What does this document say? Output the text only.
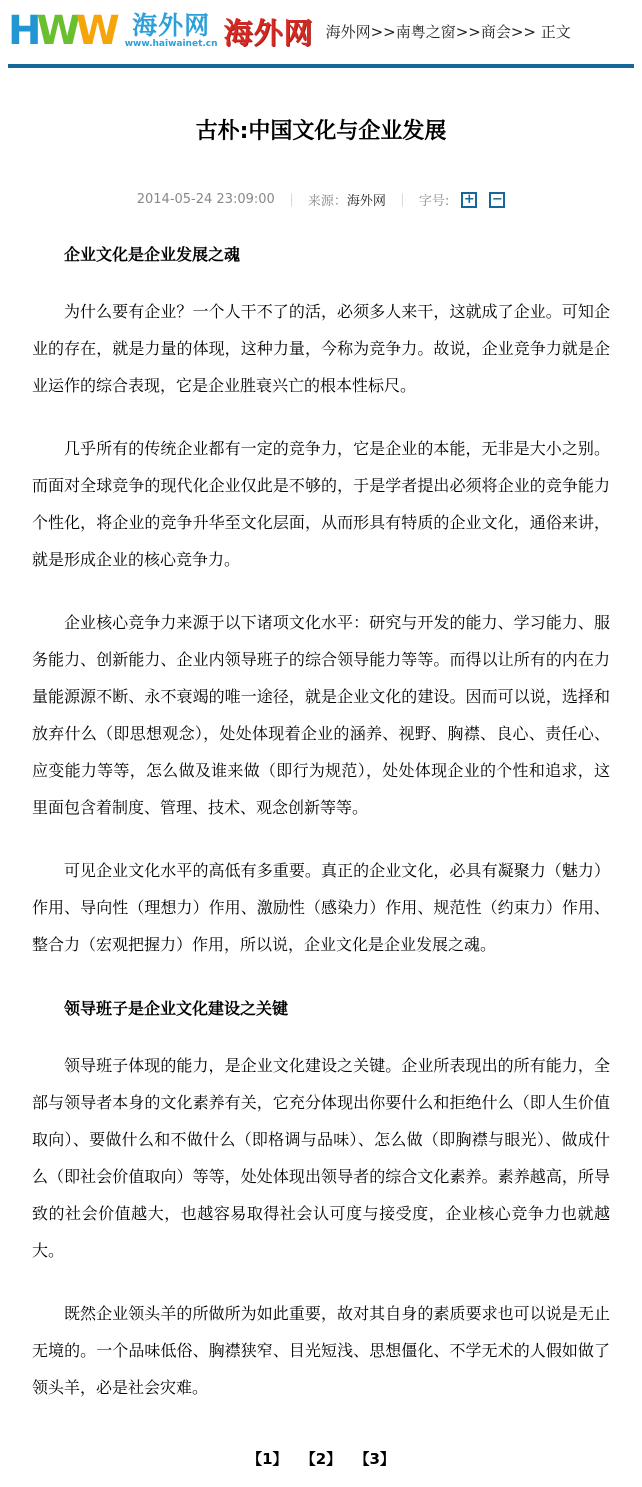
HWW 海外网
www.haiwainet.cn 海外网 海外网>>南粤之窗>>商会>> 正文
古朴:中国文化与企业发展
2014-05-24 23:09:00 ｜ 来源：海外网 ｜ 字号: + −
企业文化是企业发展之魂
为什么要有企业？一个人干不了的活，必须多人来干，这就成了企业。可知企业的存在，就是力量的体现，这种力量，今称为竞争力。故说，企业竞争力就是企业运作的综合表现，它是企业胜衰兴亡的根本性标尺。
几乎所有的传统企业都有一定的竞争力，它是企业的本能，无非是大小之别。而面对全球竞争的现代化企业仅此是不够的，于是学者提出必须将企业的竞争能力个性化，将企业的竞争升华至文化层面，从而形具有特质的企业文化，通俗来讲，就是形成企业的核心竞争力。
企业核心竞争力来源于以下诸项文化水平：研究与开发的能力、学习能力、服务能力、创新能力、企业内领导班子的综合领导能力等等。而得以让所有的内在力量能源源不断、永不衰竭的唯一途径，就是企业文化的建设。因而可以说，选择和放弃什么（即思想观念），处处体现着企业的涵养、视野、胸襟、良心、责任心、应变能力等等，怎么做及谁来做（即行为规范），处处体现企业的个性和追求，这里面包含着制度、管理、技术、观念创新等等。
可见企业文化水平的高低有多重要。真正的企业文化，必具有凝聚力（魅力）作用、导向性（理想力）作用、激励性（感染力）作用、规范性（约束力）作用、整合力（宏观把握力）作用，所以说，企业文化是企业发展之魂。
领导班子是企业文化建设之关键
领导班子体现的能力，是企业文化建设之关键。企业所表现出的所有能力，全部与领导者本身的文化素养有关，它充分体现出你要什么和拒绝什么（即人生价值取向）、要做什么和不做什么（即格调与品味）、怎么做（即胸襟与眼光）、做成什么（即社会价值取向）等等，处处体现出领导者的综合文化素养。素养越高，所导致的社会价值越大，也越容易取得社会认可度与接受度，企业核心竞争力也就越大。
既然企业领头羊的所做所为如此重要，故对其自身的素质要求也可以说是无止无境的。一个品味低俗、胸襟狭窄、目光短浅、思想僵化、不学无术的人假如做了领头羊，必是社会灾难。
【1】 【2】 【3】
